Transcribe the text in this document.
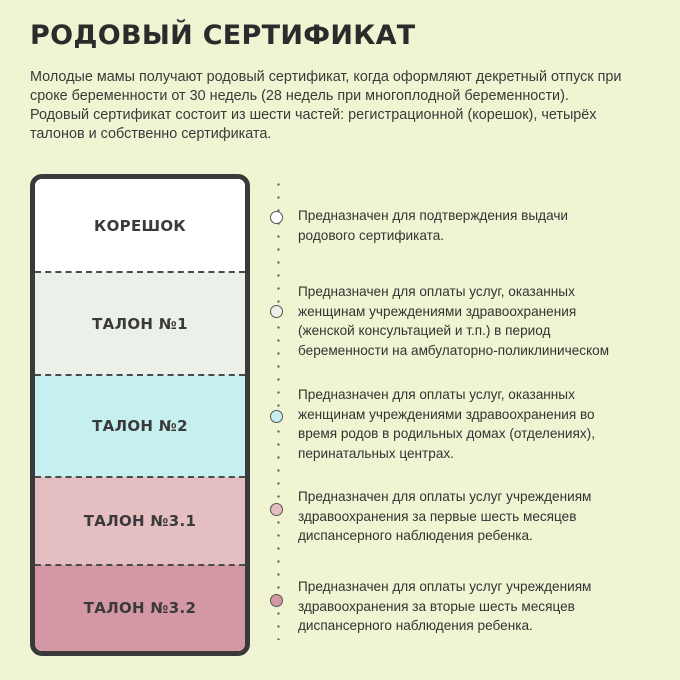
РОДОВЫЙ СЕРТИФИКАТ

Молодые мамы получают родовый сертификат, когда оформляют декретный отпуск при
сроке беременности от 30 недель (28 недель при многоплодной беременности).
Родовый сертификат состоит из шести частей: регистрационной (корешок), четырёх
талонов и собственно сертификата.

КОРЕШОК
ТАЛОН №1
ТАЛОН №2
ТАЛОН №3.1
ТАЛОН №3.2
Предназначен для подтверждения выдачи
родового сертификата.
Предназначен для оплаты услуг, оказанных
женщинам учреждениями здравоохранения
(женской консультацией и т.п.) в период
беременности на амбулаторно-поликлиническом
Предназначен для оплаты услуг, оказанных
женщинам учреждениями здравоохранения во
время родов в родильных домах (отделениях),
перинатальных центрах.
Предназначен для оплаты услуг учреждениям
здравоохранения за первые шесть месяцев
диспансерного наблюдения ребенка.
Предназначен для оплаты услуг учреждениям
здравоохранения за вторые шесть месяцев
диспансерного наблюдения ребенка.
